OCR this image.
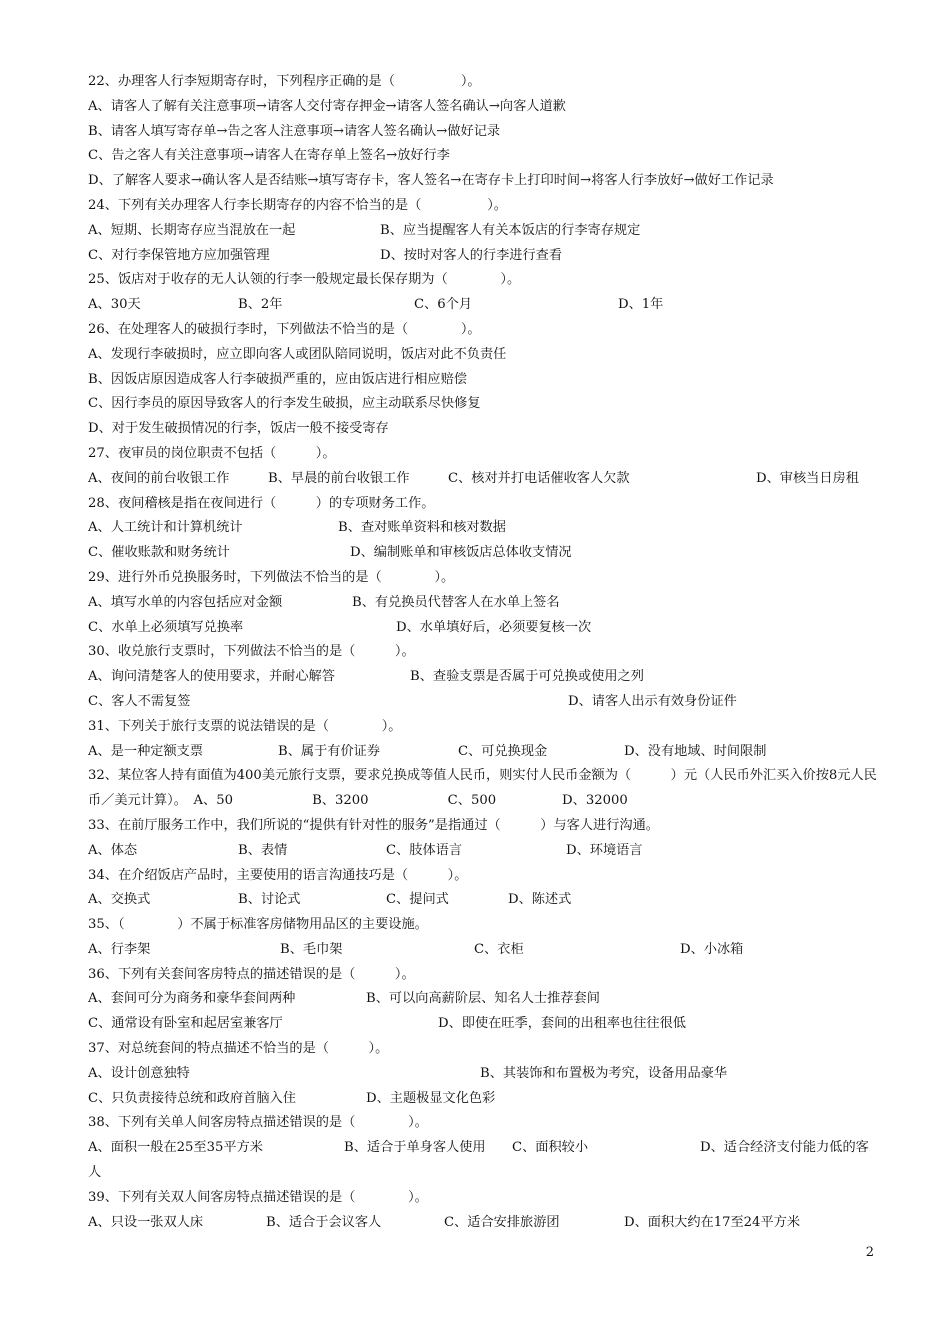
22、办理客人行李短期寄存时，下列程序正确的是（　　　　　）。
A、请客人了解有关注意事项→请客人交付寄存押金→请客人签名确认→向客人道歉
B、请客人填写寄存单→告之客人注意事项→请客人签名确认→做好记录
C、告之客人有关注意事项→请客人在寄存单上签名→放好行李
D、了解客人要求→确认客人是否结账→填写寄存卡，客人签名→在寄存卡上打印时间→将客人行李放好→做好工作记录
24、下列有关办理客人行李长期寄存的内容不恰当的是（　　　　　）。
A、短期、长期寄存应当混放在一起	B、应当提醒客人有关本饭店的行李寄存规定
C、对行李保管地方应加强管理	D、按时对客人的行李进行查看
25、饭店对于收存的无人认领的行李一般规定最长保存期为（　　　　）。
A、30天	B、2年	C、6个月	D、1年
26、在处理客人的破损行李时，下列做法不恰当的是（　　　　）。
A、发现行李破损时，应立即向客人或团队陪同说明，饭店对此不负责任
B、因饭店原因造成客人行李破损严重的，应由饭店进行相应赔偿
C、因行李员的原因导致客人的行李发生破损，应主动联系尽快修复
D、对于发生破损情况的行李，饭店一般不接受寄存
27、夜审员的岗位职责不包括（　　　）。
A、夜间的前台收银工作	B、早晨的前台收银工作	C、核对并打电话催收客人欠款	D、审核当日房租
28、夜间稽核是指在夜间进行（　　　）的专项财务工作。
A、人工统计和计算机统计	B、查对账单资料和核对数据
C、催收账款和财务统计	D、编制账单和审核饭店总体收支情况
29、进行外币兑换服务时，下列做法不恰当的是（　　　　）。
A、填写水单的内容包括应对金额	B、有兑换员代替客人在水单上签名
C、水单上必须填写兑换率	D、水单填好后，必须要复核一次
30、收兑旅行支票时，下列做法不恰当的是（　　　）。
A、询问清楚客人的使用要求，并耐心解答	B、查验支票是否属于可兑换或使用之列
C、客人不需复签	D、请客人出示有效身份证件
31、下列关于旅行支票的说法错误的是（　　　　）。
A、是一种定额支票	B、属于有价证券	C、可兑换现金	D、没有地域、时间限制
32、某位客人持有面值为400美元旅行支票，要求兑换成等值人民币，则实付人民币金额为（　　　）元（人民币外汇买入价按8元人民币／美元计算）。　A、50　　　　　　B、3200　　　　　　C、500　　　　　D、32000
33、在前厅服务工作中，我们所说的“提供有针对性的服务”是指通过（　　　）与客人进行沟通。
A、体态	B、表情	C、肢体语言	D、环境语言
34、在介绍饭店产品时，主要使用的语言沟通技巧是（　　　）。
A、交换式	B、讨论式	C、提问式	D、陈述式
35、（　　　　）不属于标准客房储物用品区的主要设施。
A、行李架	B、毛巾架	C、衣柜	D、小冰箱
36、下列有关套间客房特点的描述错误的是（　　　）。
A、套间可分为商务和豪华套间两种	B、可以向高薪阶层、知名人士推荐套间
C、通常设有卧室和起居室兼客厅	D、即使在旺季，套间的出租率也往往很低
37、对总统套间的特点描述不恰当的是（　　　）。
A、设计创意独特	B、其装饰和布置极为考究，设备用品豪华
C、只负责接待总统和政府首脑入住	D、主题极显文化色彩
38、下列有关单人间客房特点描述错误的是（　　　　）。
A、面积一般在25至35平方米	B、适合于单身客人使用 C、面积较小	D、适合经济支付能力低的客
人
39、下列有关双人间客房特点描述错误的是（　　　　）。
A、只设一张双人床	B、适合于会议客人	C、适合安排旅游团	D、面积大约在17至24平方米
2
